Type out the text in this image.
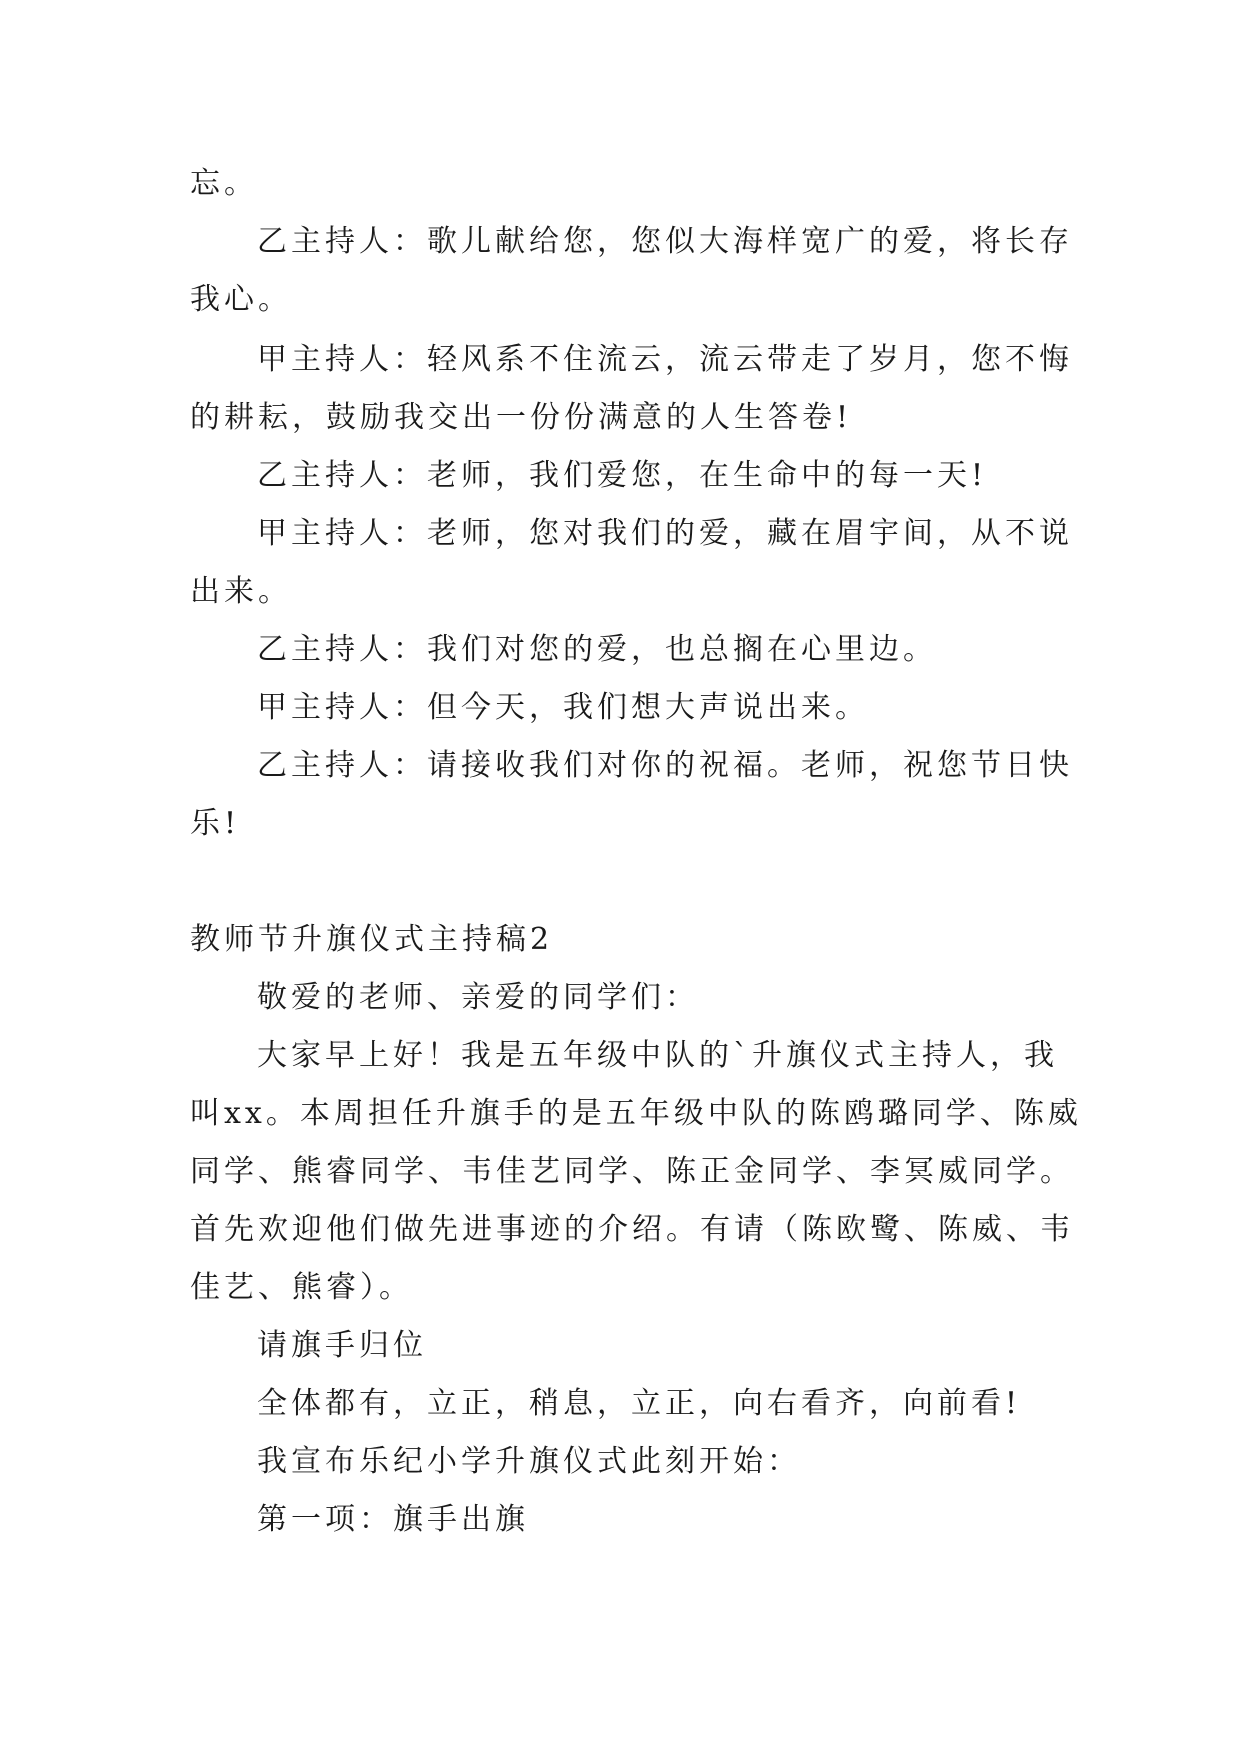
忘。
乙主持人：歌儿献给您，您似大海样宽广的爱，将长存
我心。
甲主持人：轻风系不住流云，流云带走了岁月，您不悔
的耕耘，鼓励我交出一份份满意的人生答卷!
乙主持人：老师，我们爱您，在生命中的每一天!
甲主持人：老师，您对我们的爱，藏在眉宇间，从不说
出来。
乙主持人：我们对您的爱，也总搁在心里边。
甲主持人：但今天，我们想大声说出来。
乙主持人：请接收我们对你的祝福。老师，祝您节日快
乐!
教师节升旗仪式主持稿2
敬爱的老师、亲爱的同学们：
大家早上好！我是五年级中队的`升旗仪式主持人，我
叫xx。本周担任升旗手的是五年级中队的陈鸥璐同学、陈威
同学、熊睿同学、韦佳艺同学、陈正金同学、李冥威同学。
首先欢迎他们做先进事迹的介绍。有请（陈欧鹭、陈威、韦
佳艺、熊睿）。
请旗手归位
全体都有，立正，稍息，立正，向右看齐，向前看!
我宣布乐纪小学升旗仪式此刻开始：
第一项：旗手出旗
